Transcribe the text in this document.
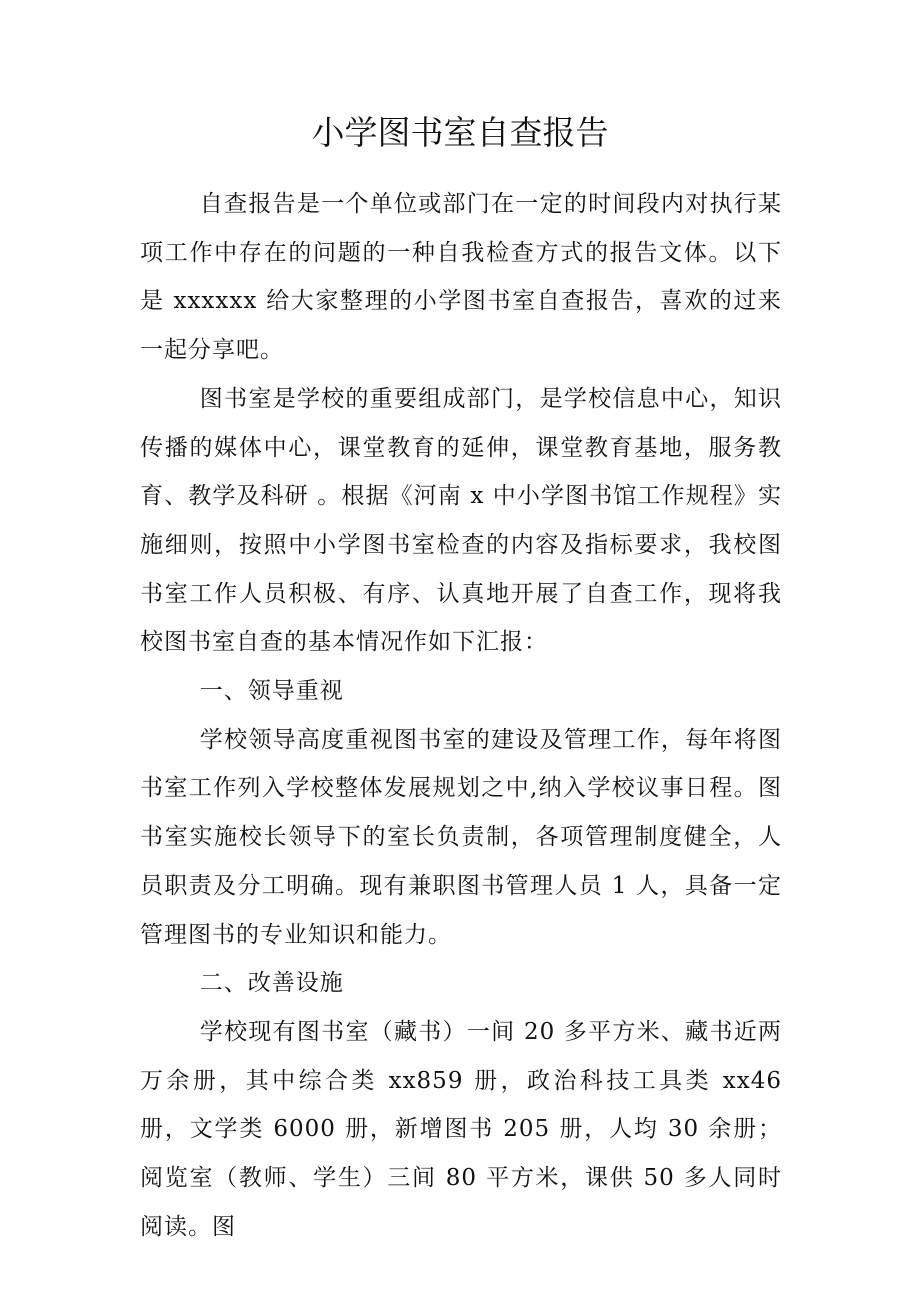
小学图书室自查报告

自查报告是一个单位或部门在一定的时间段内对执行某项工作中存在的问题的一种自我检查方式的报告文体。以下是 xxxxxx 给大家整理的小学图书室自查报告，喜欢的过来一起分享吧。

图书室是学校的重要组成部门，是学校信息中心，知识传播的媒体中心，课堂教育的延伸，课堂教育基地，服务教育、教学及科研 。根据《河南 x 中小学图书馆工作规程》实施细则，按照中小学图书室检查的内容及指标要求，我校图书室工作人员积极、有序、认真地开展了自查工作，现将我校图书室自查的基本情况作如下汇报：

一、领导重视

学校领导高度重视图书室的建设及管理工作，每年将图书室工作列入学校整体发展规划之中,纳入学校议事日程。图书室实施校长领导下的室长负责制，各项管理制度健全，人员职责及分工明确。现有兼职图书管理人员 1 人，具备一定管理图书的专业知识和能力。

二、改善设施

学校现有图书室（藏书）一间 20 多平方米、藏书近两万余册，其中综合类 xx859 册，政治科技工具类 xx46 册，文学类 6000 册，新增图书 205 册，人均 30 余册；阅览室（教师、学生）三间 80 平方米，课供 50 多人同时阅读。图
